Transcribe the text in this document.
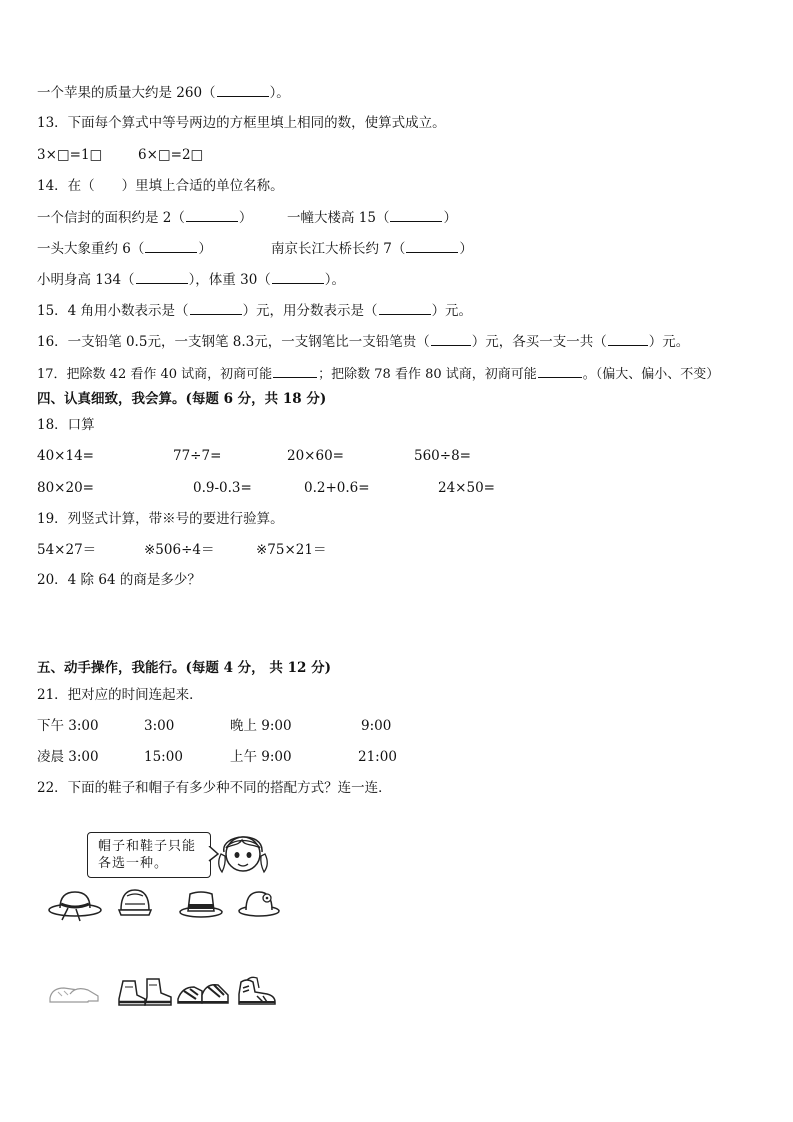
一个苹果的质量大约是 260（	）。
13．下面每个算式中等号两边的方框里填上相同的数，使算式成立。
3×□=1□	6×□=2□
14．在（　　）里填上合适的单位名称。
一个信封的面积约是 2（	）	一幢大楼高 15（	）
一头大象重约 6（	）	南京长江大桥长约 7（	）
小明身高 134（	），体重 30（	）。
15．4 角用小数表示是（	）元，用分数表示是（	）元。
16．一支铅笔 0.5元，一支钢笔 8.3元，一支钢笔比一支铅笔贵（	）元，各买一支一共（	）元。
17．把除数 42 看作 40 试商，初商可能	；把除数 78 看作 80 试商，初商可能	。（偏大、偏小、不变）
四、认真细致，我会算。(每题 6 分，共 18 分)
18．口算
40×14=	77÷7=	20×60=	560÷8=
80×20=	0.9-0.3=	0.2+0.6=	24×50=
19．列竖式计算，带※号的要进行验算。
54×27＝	※506÷4＝	※75×21＝
20．4 除 64 的商是多少？
五、动手操作，我能行。(每题 4 分， 共 12 分)
21．把对应的时间连起来．
下午 3:00	3:00	晚上 9:00	9:00
凌晨 3:00	15:00	上午 9:00	21:00
22．下面的鞋子和帽子有多少种不同的搭配方式？连一连．
帽子和鞋子只能各选一种。
